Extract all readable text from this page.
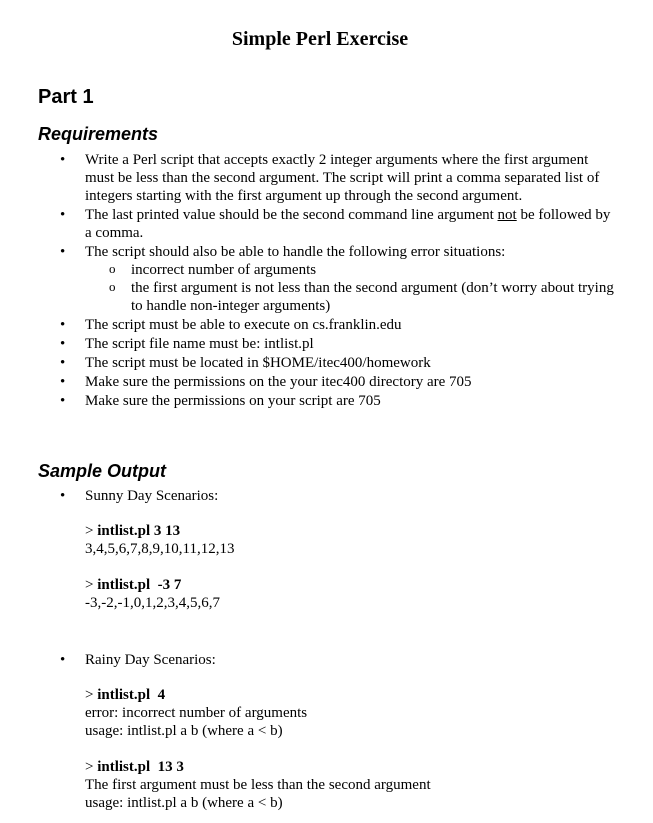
Simple Perl Exercise
Part 1
Requirements
• Write a Perl script that accepts exactly 2 integer arguments where the first argument must be less than the second argument. The script will print a comma separated list of integers starting with the first argument up through the second argument.
• The last printed value should be the second command line argument not be followed by a comma.
• The script should also be able to handle the following error situations:
o incorrect number of arguments
o the first argument is not less than the second argument (don’t worry about trying to handle non-integer arguments)
• The script must be able to execute on cs.franklin.edu
• The script file name must be: intlist.pl
• The script must be located in $HOME/itec400/homework
• Make sure the permissions on the your itec400 directory are 705
• Make sure the permissions on your script are 705
Sample Output
• Sunny Day Scenarios:
> intlist.pl 3 13
3,4,5,6,7,8,9,10,11,12,13
> intlist.pl  -3 7
-3,-2,-1,0,1,2,3,4,5,6,7
• Rainy Day Scenarios:
> intlist.pl  4
error: incorrect number of arguments
usage: intlist.pl a b (where a < b)
> intlist.pl  13 3
The first argument must be less than the second argument
usage: intlist.pl a b (where a < b)
